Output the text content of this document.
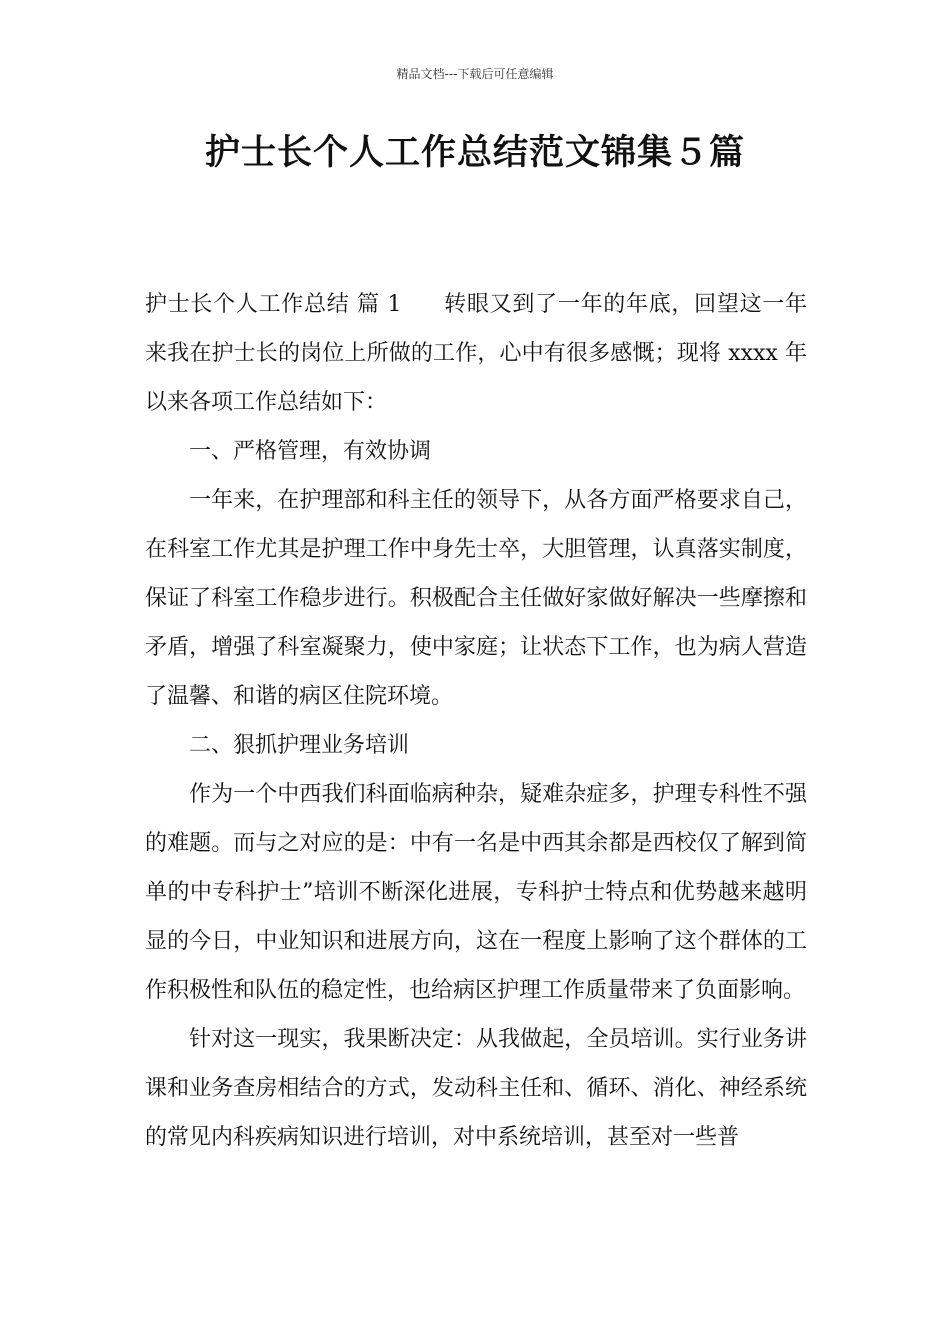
精品文档---下载后可任意编辑
护士长个人工作总结范文锦集５篇

护士长个人工作总结 篇 1 转眼又到了一年的年底，回望这一年来我在护士长的岗位上所做的工作，心中有很多感慨；现将 xxxx 年以来各项工作总结如下：

一、严格管理，有效协调

一年来，在护理部和科主任的领导下，从各方面严格要求自己，在科室工作尤其是护理工作中身先士卒，大胆管理，认真落实制度，保证了科室工作稳步进行。积极配合主任做好家做好解决一些摩擦和矛盾，增强了科室凝聚力，使中家庭；让状态下工作，也为病人营造了温馨、和谐的病区住院环境。

二、狠抓护理业务培训

作为一个中西我们科面临病种杂，疑难杂症多，护理专科性不强的难题。而与之对应的是：中有一名是中西其余都是西校仅了解到简单的中专科护士”培训不断深化进展，专科护士特点和优势越来越明显的今日，中业知识和进展方向，这在一程度上影响了这个群体的工作积极性和队伍的稳定性，也给病区护理工作质量带来了负面影响。

针对这一现实，我果断决定：从我做起，全员培训。实行业务讲课和业务查房相结合的方式，发动科主任和、循环、消化、神经系统的常见内科疾病知识进行培训，对中系统培训，甚至对一些普
